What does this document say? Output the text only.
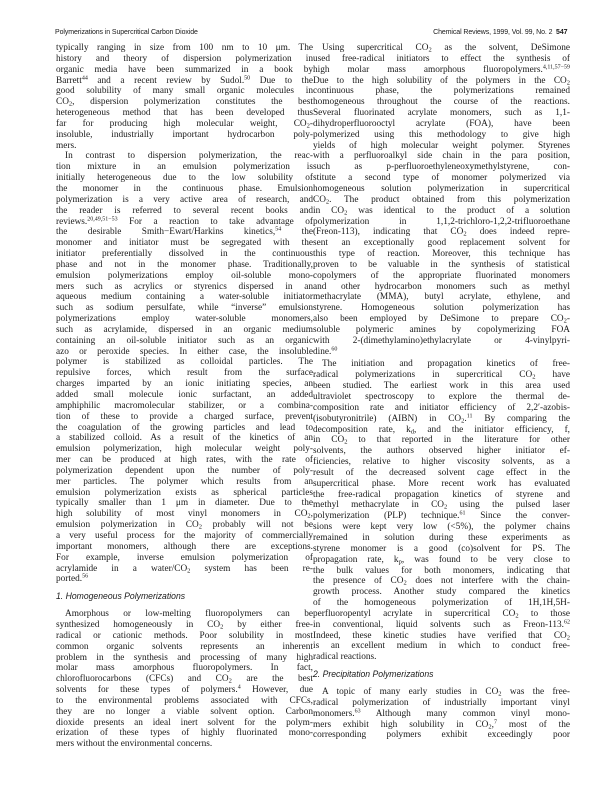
Polymerizations in Supercritical Carbon Dioxide	Chemical Reviews, 1999, Vol. 99, No. 2 547
typically ranging in size from 100 nm to 10 μm. The
history and theory of dispersion polymerization in
organic media have been summarized in a book by
Barrett$^{44}$ and a recent review by Sudol.$^{50}$ Due to the
good solubility of many small organic molecules in
$CO_2$, dispersion polymerization constitutes the best
heterogeneous method that has been developed thus
far for producing high molecular weight, $CO_2-$
insoluble, industrially important hydrocarbon poly-
mers.
In contrast to dispersion polymerization, the reac-
tion mixture in an emulsion polymerization is
initially heterogeneous due to the low solubility of
the monomer in the continuous phase. Emulsion
polymerization is a very active area of research, and
the reader is referred to several recent books and
reviews.$^{20,49,51-53}$ For a reaction to take advantage of
the desirable Smith−Ewart/Harkins kinetics,$^{54}$ the
monomer and initiator must be segregated with the
initiator preferentially dissolved in the continuous
phase and not in the monomer phase. Traditionally,
emulsion polymerizations employ oil-soluble mono-
mers such as acrylics or styrenics dispersed in an
aqueous medium containing a water-soluble initiator
such as sodium persulfate, while “inverse” emulsion
polymerizations employ water-soluble monomers,
such as acrylamide, dispersed in an organic medium
containing an oil-soluble initiator such as an organic
azo or peroxide species. In either case, the insoluble
polymer is stabilized as colloidal particles. The
repulsive forces, which result from the surface
charges imparted by an ionic initiating species, an
added small molecule ionic surfactant, an added
amphiphilic macromolecular stabilizer, or a combina-
tion of these to provide a charged surface, prevent
the coagulation of the growing particles and lead to
a stabilized colloid. As a result of the kinetics of an
emulsion polymerization, high molecular weight poly-
mer can be produced at high rates, with the rate of
polymerization dependent upon the number of poly-
mer particles. The polymer which results from an
emulsion polymerization exists as spherical particles
typically smaller than 1 μm in diameter. Due to the
high solubility of most vinyl monomers in $CO_2$,
emulsion polymerization in $CO_2$ probably will not be
a very useful process for the majority of commercially
important monomers, although there are exceptions.
For example, inverse emulsion polymerization of
acrylamide in a water/$CO_2$ system has been re-
ported.$^{56}$
1. Homogeneous Polymerizations
Amorphous or low-melting fluoropolymers can be
synthesized homogeneously in $CO_2$ by either free-
radical or cationic methods. Poor solubility in most
common organic solvents represents an inherent
problem in the synthesis and processing of many high
molar mass amorphous fluoropolymers. In fact,
chlorofluorocarbons (CFCs) and $CO_2$ are the best
solvents for these types of polymers.$^4$ However, due
to the environmental problems associated with CFCs,
they are no longer a viable solvent option. Carbon
dioxide presents an ideal inert solvent for the polym-
erization of these types of highly fluorinated mono-
mers without the environmental concerns.
Using supercritical $CO_2$ as the solvent, DeSimone
used free-radical initiators to effect the synthesis of
high molar mass amorphous fluoropolymers.$^{4,11,57-59}$
Due to the high solubility of the polymers in the $CO_2$
continuous phase, the polymerizations remained
homogeneous throughout the course of the reactions.
Several fluorinated acrylate monomers, such as 1,1-
dihydroperfluorooctyl acrylate (FOA), have been
polymerized using this methodology to give high
yields of high molecular weight polymer. Styrenes
with a perfluoroalkyl side chain in the para position,
such as p-perfluoroethyleneoxymethylstyrene, con-
stitute a second type of monomer polymerized via
homogeneous solution polymerization in supercritical
$CO_2$. The product obtained from this polymerization
in $CO_2$ was identical to the product of a solution
polymerization in 1,1,2-trichloro-1,2,2-trifluoroethane
(Freon-113), indicating that $CO_2$ does indeed repre-
sent an exceptionally good replacement solvent for
this type of reaction. Moreover, this technique has
proven to be valuable in the synthesis of statistical
copolymers of the appropriate fluorinated monomers
and other hydrocarbon monomers such as methyl
methacrylate (MMA), butyl acrylate, ethylene, and
styrene. Homogeneous solution polymerization has
also been employed by DeSimone to prepare $CO_2-$
soluble polymeric amines by copolymerizing FOA
with 2-(dimethylamino)ethylacrylate or 4-vinylpyri-
dine.$^{60}$
The initiation and propagation kinetics of free-
radical polymerizations in supercritical $CO_2$ have
been studied. The earliest work in this area used
ultraviolet spectroscopy to explore the thermal de-
composition rate and initiator efficiency of 2,2′-azobis-
(isobutyronitrile) (AIBN) in $CO_2.^{11}$ By comparing the
decomposition rate, $k_d$, and the initiator efficiency, f,
in $CO_2$ to that reported in the literature for other
solvents, the authors observed higher initiator ef-
ficiencies, relative to higher viscosity solvents, as a
result of the decreased solvent cage effect in the
supercritical phase. More recent work has evaluated
the free-radical propagation kinetics of styrene and
methyl methacrylate in $CO_2$ using the pulsed laser
polymerization (PLP) technique.$^{61}$ Since the conver-
sions were kept very low (<5%), the polymer chains
remained in solution during these experiments as
styrene monomer is a good (co)solvent for PS. The
propagation rate, $k_p$, was found to be very close to
the bulk values for both monomers, indicating that
the presence of $CO_2$ does not interfere with the chain-
growth process. Another study compared the kinetics
of the homogeneous polymerization of 1H,1H,5H-
perfluoropentyl acrylate in supercritical $CO_2$ to those
in conventional, liquid solvents such as Freon-113.62
Indeed, these kinetic studies have verified that $CO_2$
is an excellent medium in which to conduct free-
radical reactions.
2. Precipitation Polymerizations
A topic of many early studies in $CO_2$ was the free-
radical polymerization of industrially important vinyl
monomers.$^{63}$ Although many common vinyl mono-
mers exhibit high solubility in $CO_2,^7$ most of the
corresponding polymers exhibit exceedingly poor
